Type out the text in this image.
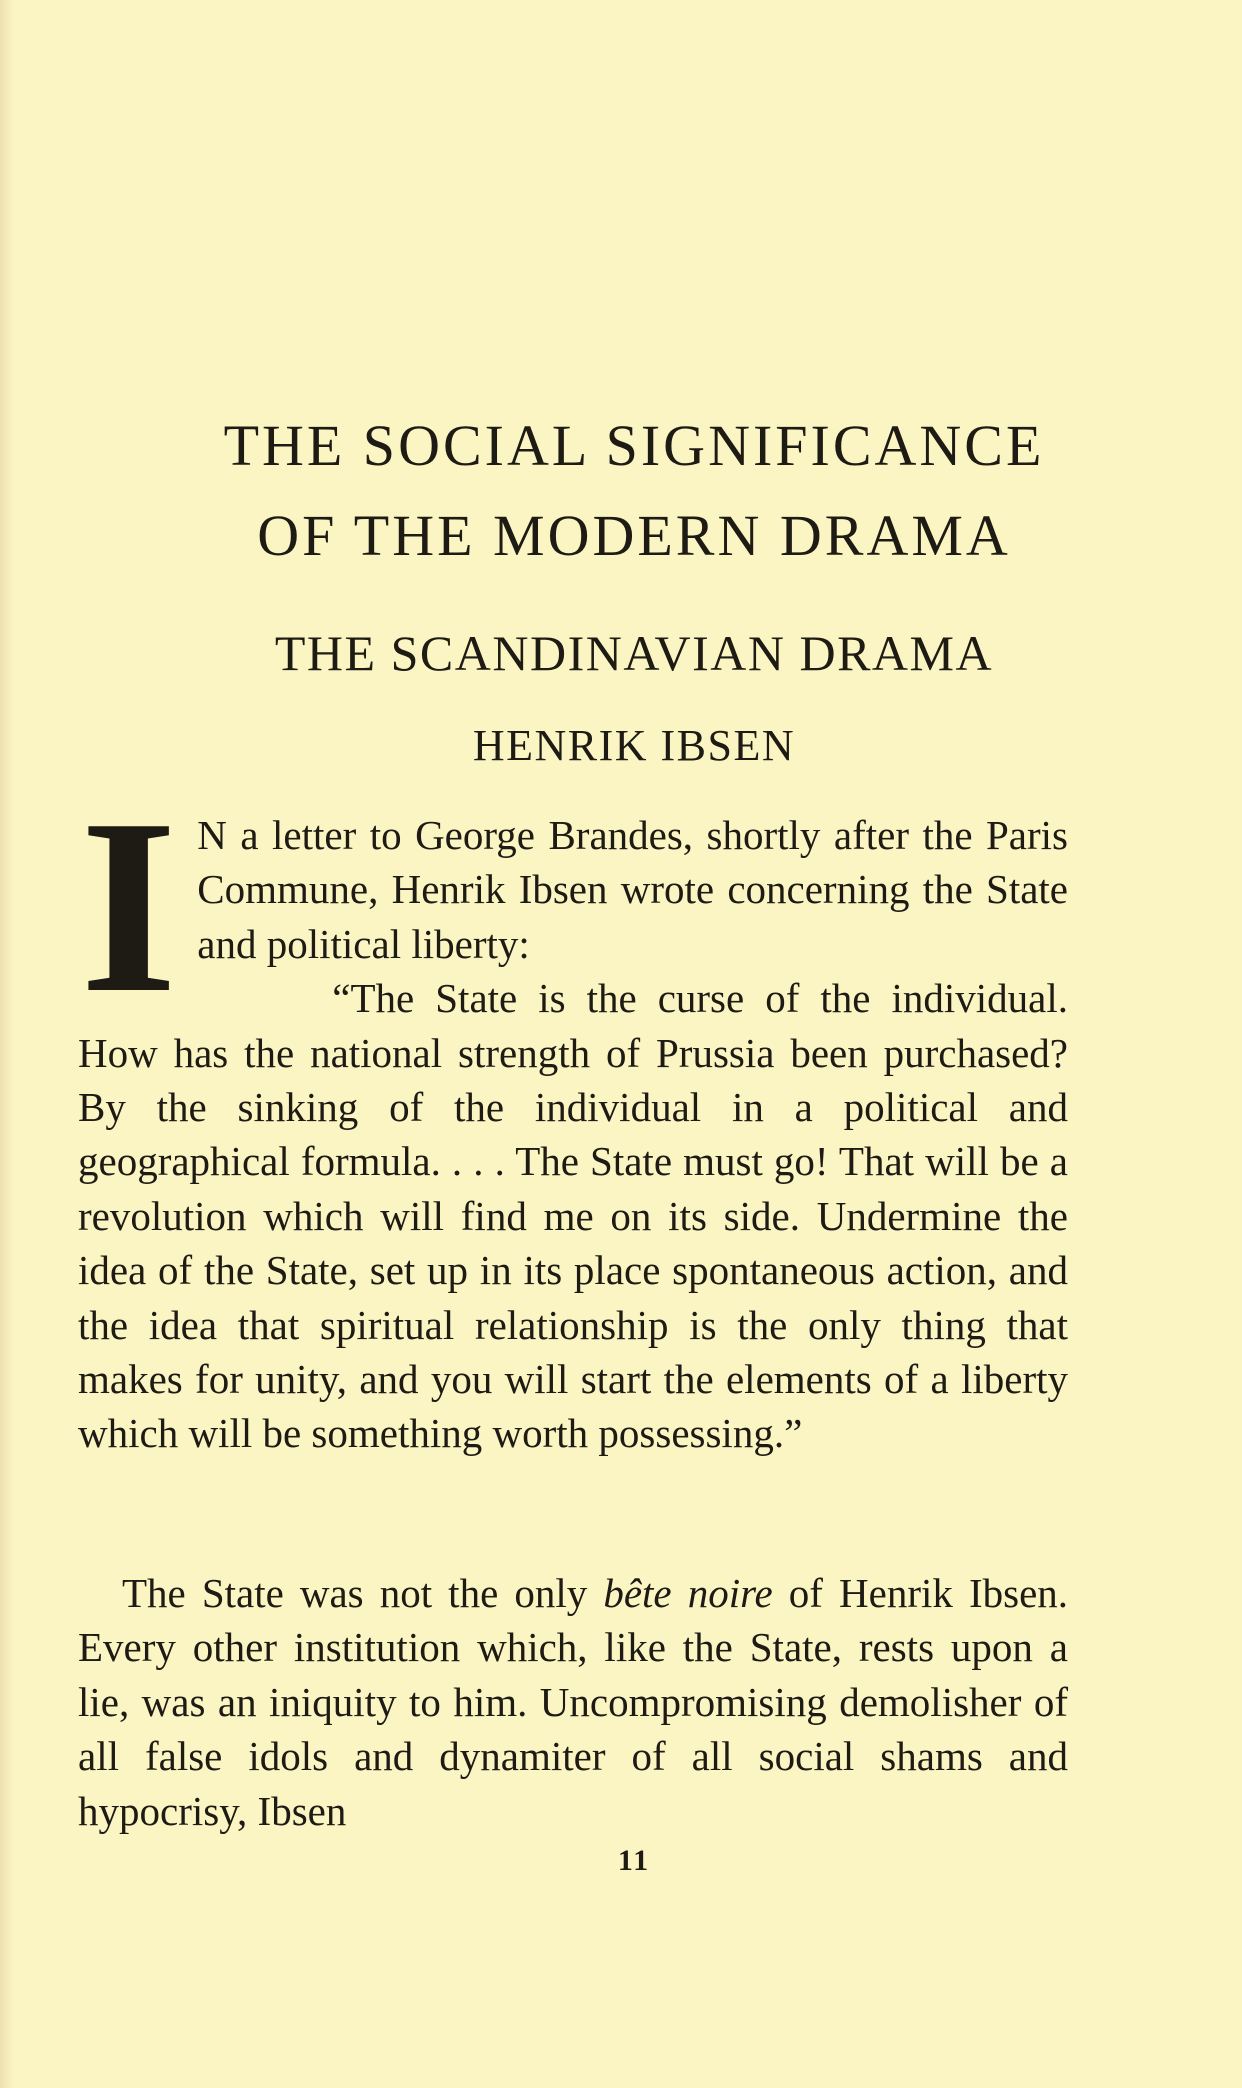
THE SOCIAL SIGNIFICANCE
OF THE MODERN DRAMA
THE SCANDINAVIAN DRAMA
HENRIK IBSEN

I N a letter to George Brandes, shortly after the Paris Commune, Henrik Ibsen wrote concerning the State and political liberty:
“The State is the curse of the individual. How has the national strength of Prussia been purchased? By the sinking of the individual in a political and geographical formula. . . . The State must go! That will be a revolution which will find me on its side. Undermine the idea of the State, set up in its place spontaneous action, and the idea that spiritual relationship is the only thing that makes for unity, and you will start the elements of a liberty which will be something worth possessing.”

The State was not the only bête noire of Henrik Ibsen. Every other institution which, like the State, rests upon a lie, was an iniquity to him. Uncompromising demolisher of all false idols and dynamiter of all social shams and hypocrisy, Ibsen

11
